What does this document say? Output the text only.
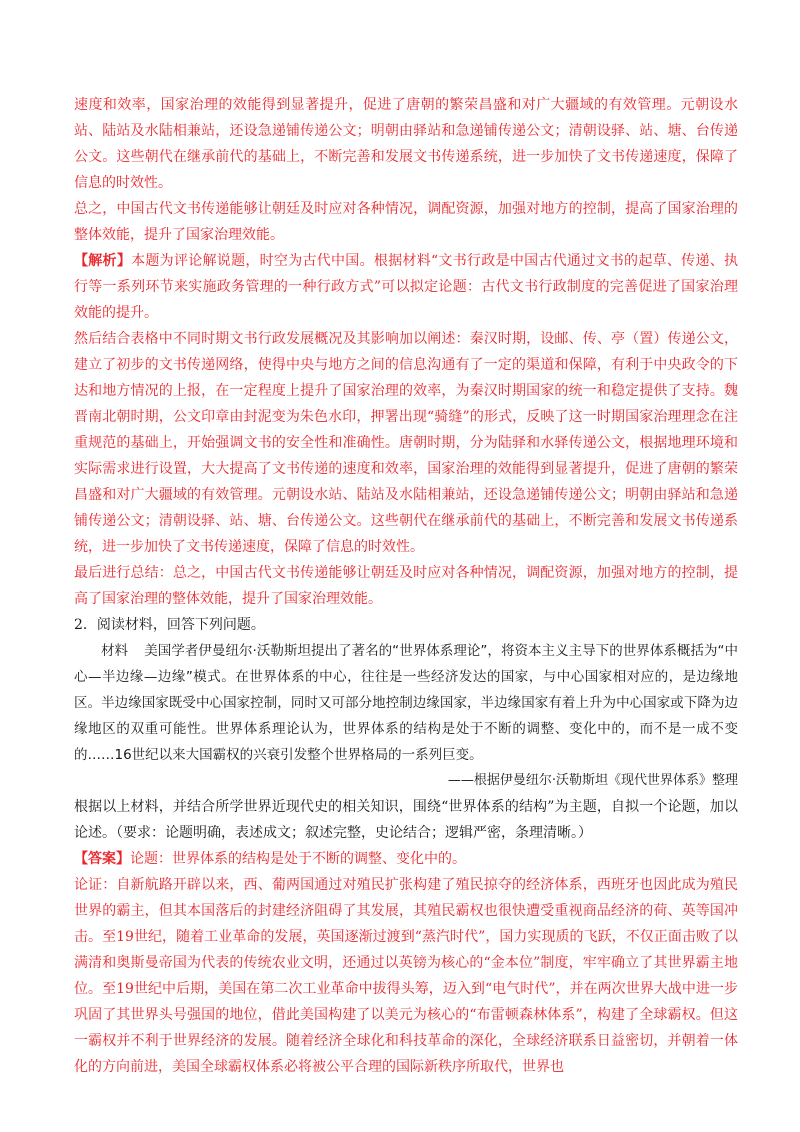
速度和效率，国家治理的效能得到显著提升，促进了唐朝的繁荣昌盛和对广大疆域的有效管理。元朝设水站、陆站及水陆相兼站，还设急递铺传递公文；明朝由驿站和急递铺传递公文；清朝设驿、站、塘、台传递公文。这些朝代在继承前代的基础上，不断完善和发展文书传递系统，进一步加快了文书传递速度，保障了信息的时效性。

总之，中国古代文书传递能够让朝廷及时应对各种情况，调配资源，加强对地方的控制，提高了国家治理的整体效能，提升了国家治理效能。

【解析】本题为评论解说题，时空为古代中国。根据材料“文书行政是中国古代通过文书的起草、传递、执行等一系列环节来实施政务管理的一种行政方式”可以拟定论题：古代文书行政制度的完善促进了国家治理效能的提升。

然后结合表格中不同时期文书行政发展概况及其影响加以阐述：秦汉时期，设邮、传、亭（置）传递公文，建立了初步的文书传递网络，使得中央与地方之间的信息沟通有了一定的渠道和保障，有利于中央政令的下达和地方情况的上报，在一定程度上提升了国家治理的效率，为秦汉时期国家的统一和稳定提供了支持。魏晋南北朝时期，公文印章由封泥变为朱色水印，押署出现“骑缝”的形式，反映了这一时期国家治理理念在注重规范的基础上，开始强调文书的安全性和准确性。唐朝时期，分为陆驿和水驿传递公文，根据地理环境和实际需求进行设置，大大提高了文书传递的速度和效率，国家治理的效能得到显著提升，促进了唐朝的繁荣昌盛和对广大疆域的有效管理。元朝设水站、陆站及水陆相兼站，还设急递铺传递公文；明朝由驿站和急递铺传递公文；清朝设驿、站、塘、台传递公文。这些朝代在继承前代的基础上，不断完善和发展文书传递系统，进一步加快了文书传递速度，保障了信息的时效性。

最后进行总结：总之，中国古代文书传递能够让朝廷及时应对各种情况，调配资源，加强对地方的控制，提高了国家治理的整体效能，提升了国家治理效能。

2．阅读材料，回答下列问题。

材料 美国学者伊曼纽尔·沃勒斯坦提出了著名的“世界体系理论”，将资本主义主导下的世界体系概括为“中心—半边缘—边缘”模式。在世界体系的中心，往往是一些经济发达的国家，与中心国家相对应的，是边缘地区。半边缘国家既受中心国家控制，同时又可部分地控制边缘国家，半边缘国家有着上升为中心国家或下降为边缘地区的双重可能性。世界体系理论认为，世界体系的结构是处于不断的调整、变化中的，而不是一成不变的……16世纪以来大国霸权的兴衰引发整个世界格局的一系列巨变。

——根据伊曼纽尔·沃勒斯坦《现代世界体系》整理

根据以上材料，并结合所学世界近现代史的相关知识，围绕“世界体系的结构”为主题，自拟一个论题，加以论述。（要求：论题明确，表述成文；叙述完整，史论结合；逻辑严密，条理清晰。）

【答案】论题：世界体系的结构是处于不断的调整、变化中的。

论证：自新航路开辟以来，西、葡两国通过对殖民扩张构建了殖民掠夺的经济体系，西班牙也因此成为殖民世界的霸主，但其本国落后的封建经济阻碍了其发展，其殖民霸权也很快遭受重视商品经济的荷、英等国冲击。至19世纪，随着工业革命的发展，英国逐渐过渡到“蒸汽时代”，国力实现质的飞跃，不仅正面击败了以满清和奥斯曼帝国为代表的传统农业文明，还通过以英镑为核心的“金本位”制度，牢牢确立了其世界霸主地位。至19世纪中后期，美国在第二次工业革命中拔得头筹，迈入到“电气时代”，并在两次世界大战中进一步巩固了其世界头号强国的地位，借此美国构建了以美元为核心的“布雷顿森林体系”，构建了全球霸权。但这一霸权并不利于世界经济的发展。随着经济全球化和科技革命的深化，全球经济联系日益密切，并朝着一体化的方向前进，美国全球霸权体系必将被公平合理的国际新秩序所取代，世界也
